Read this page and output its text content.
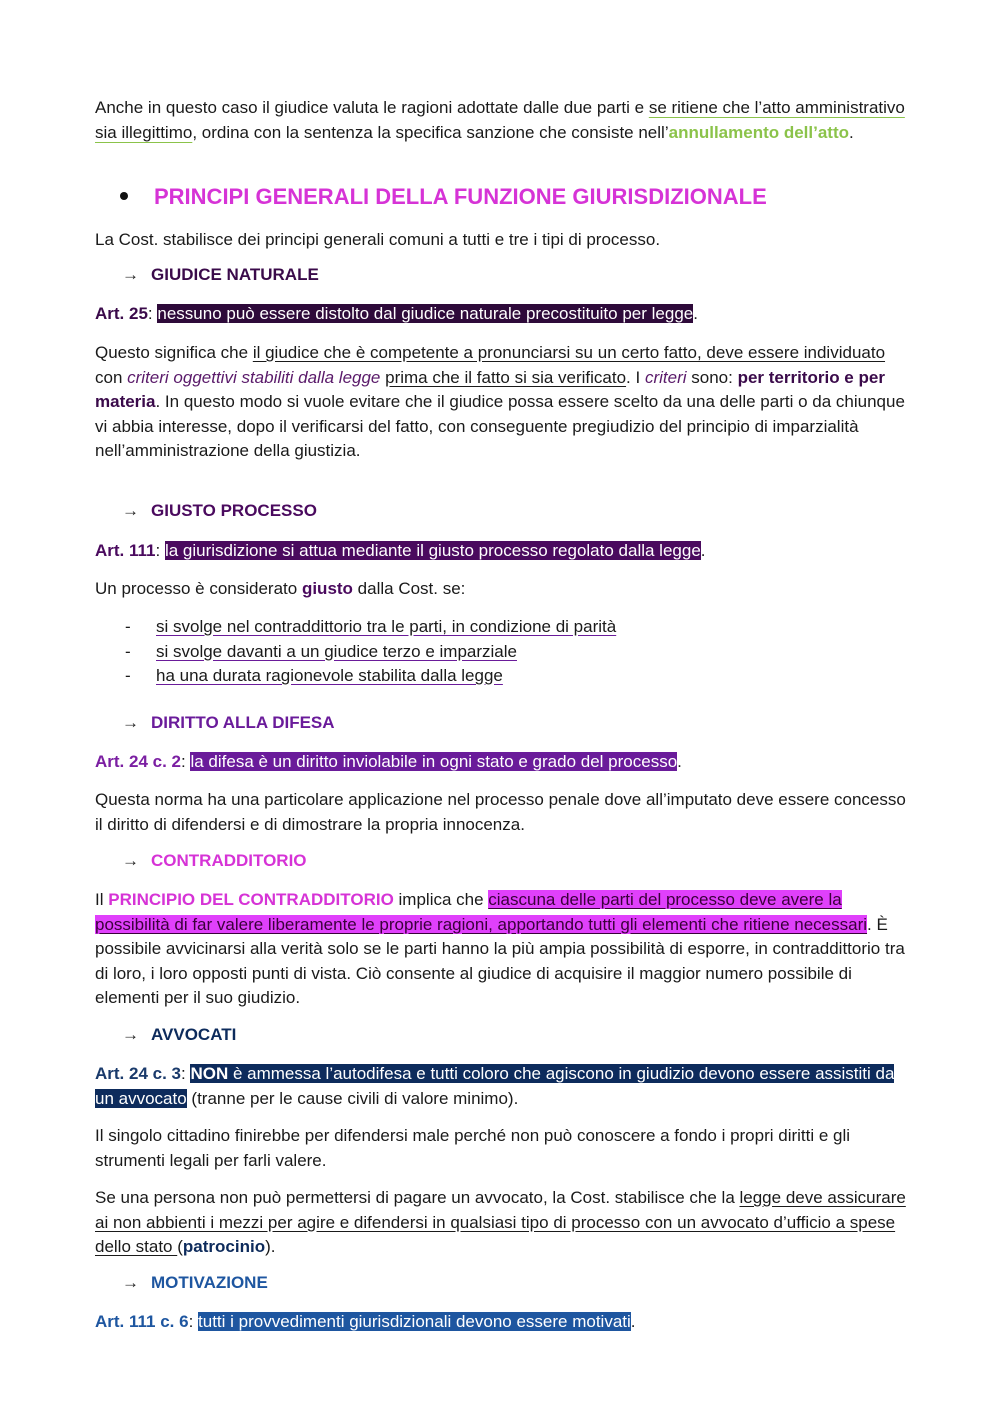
Anche in questo caso il giudice valuta le ragioni adottate dalle due parti e se ritiene che l’atto amministrativo sia illegittimo, ordina con la sentenza la specifica sanzione che consiste nell’annullamento dell’atto.

PRINCIPI GENERALI DELLA FUNZIONE GIURISDIZIONALE

La Cost. stabilisce dei principi generali comuni a tutti e tre i tipi di processo.

→ GIUDICE NATURALE

Art. 25: nessuno può essere distolto dal giudice naturale precostituito per legge.

Questo significa che il giudice che è competente a pronunciarsi su un certo fatto, deve essere individuato con criteri oggettivi stabiliti dalla legge prima che il fatto si sia verificato. I criteri sono: per territorio e per materia. In questo modo si vuole evitare che il giudice possa essere scelto da una delle parti o da chiunque vi abbia interesse, dopo il verificarsi del fatto, con conseguente pregiudizio del principio di imparzialità nell’amministrazione della giustizia.

→ GIUSTO PROCESSO

Art. 111: la giurisdizione si attua mediante il giusto processo regolato dalla legge.

Un processo è considerato giusto dalla Cost. se:

- si svolge nel contraddittorio tra le parti, in condizione di parità
- si svolge davanti a un giudice terzo e imparziale
- ha una durata ragionevole stabilita dalla legge
→ DIRITTO ALLA DIFESA

Art. 24 c. 2: la difesa è un diritto inviolabile in ogni stato e grado del processo.

Questa norma ha una particolare applicazione nel processo penale dove all’imputato deve essere concesso il diritto di difendersi e di dimostrare la propria innocenza.

→ CONTRADDITORIO

Il PRINCIPIO DEL CONTRADDITORIO implica che ciascuna delle parti del processo deve avere la possibilità di far valere liberamente le proprie ragioni, apportando tutti gli elementi che ritiene necessari. È possibile avvicinarsi alla verità solo se le parti hanno la più ampia possibilità di esporre, in contraddittorio tra di loro, i loro opposti punti di vista. Ciò consente al giudice di acquisire il maggior numero possibile di elementi per il suo giudizio.

→ AVVOCATI

Art. 24 c. 3: NON è ammessa l’autodifesa e tutti coloro che agiscono in giudizio devono essere assistiti da un avvocato (tranne per le cause civili di valore minimo).

Il singolo cittadino finirebbe per difendersi male perché non può conoscere a fondo i propri diritti e gli strumenti legali per farli valere.

Se una persona non può permettersi di pagare un avvocato, la Cost. stabilisce che la legge deve assicurare ai non abbienti i mezzi per agire e difendersi in qualsiasi tipo di processo con un avvocato d’ufficio a spese dello stato (patrocinio).

→ MOTIVAZIONE

Art. 111 c. 6: tutti i provvedimenti giurisdizionali devono essere motivati.
